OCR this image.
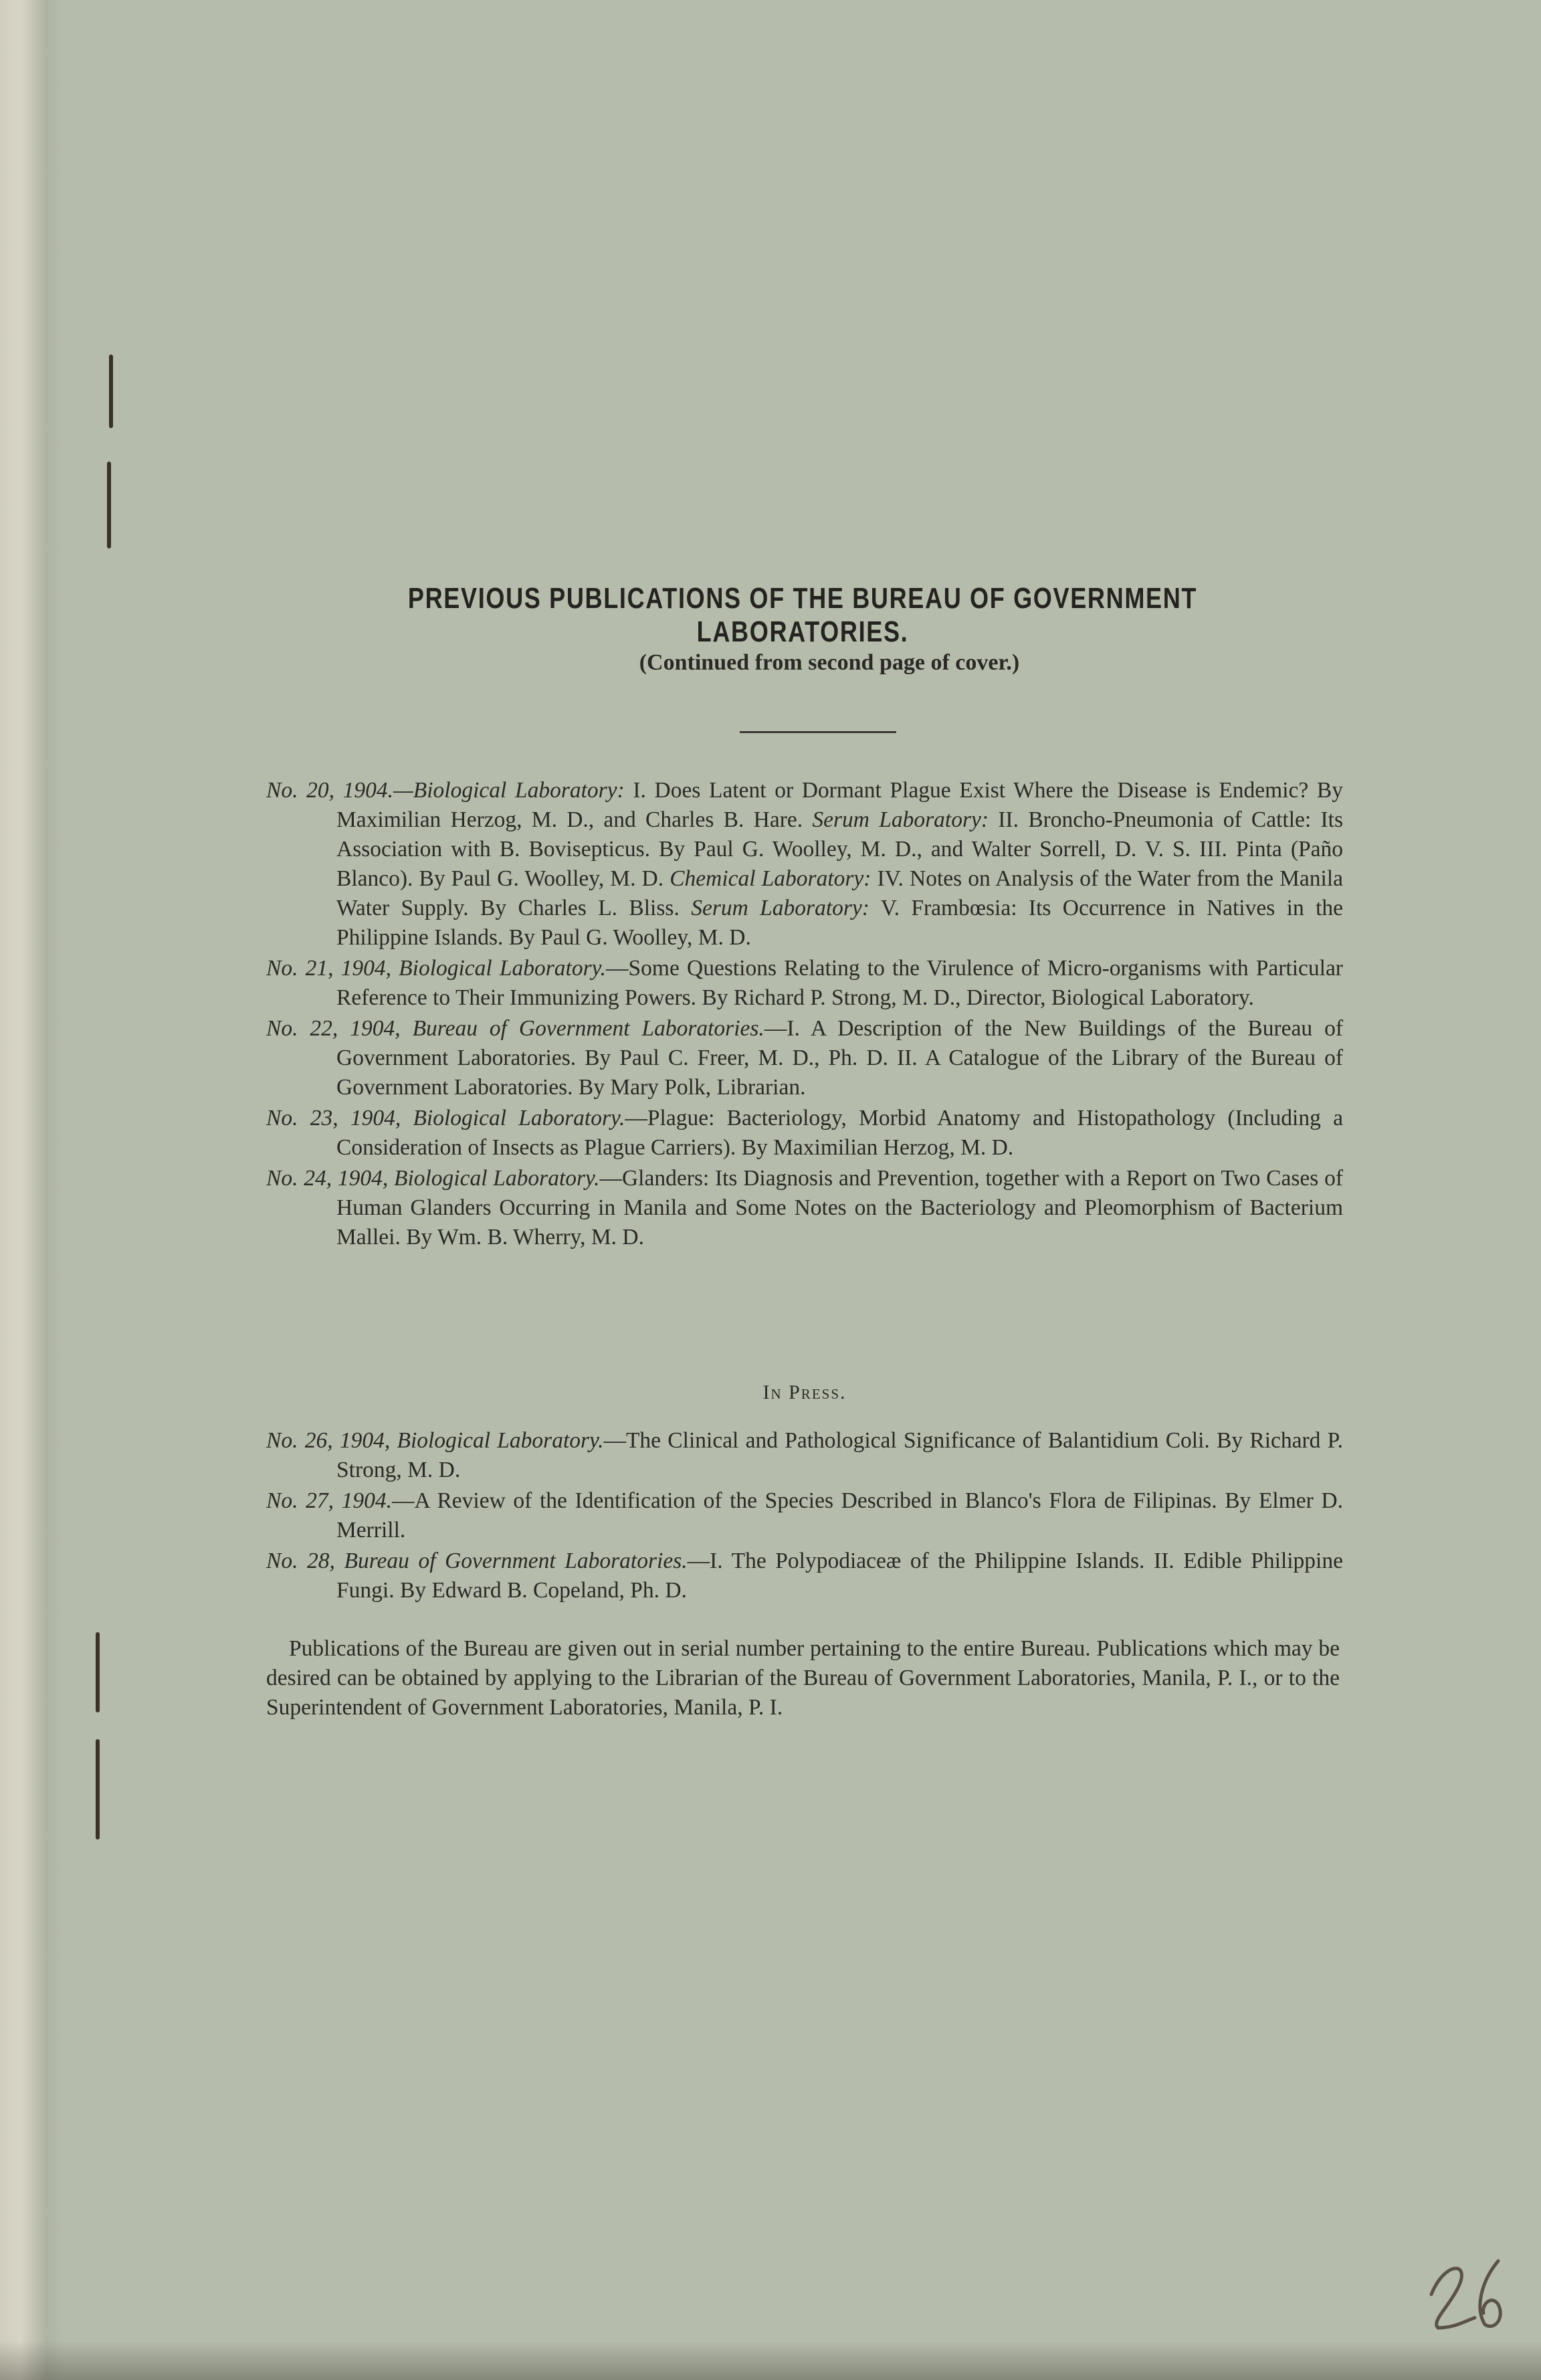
PREVIOUS PUBLICATIONS OF THE BUREAU OF GOVERNMENT LABORATORIES.
(Continued from second page of cover.)

No. 20, 1904.—Biological Laboratory: I. Does Latent or Dormant Plague Exist Where the Disease is Endemic? By Maximilian Herzog, M. D., and Charles B. Hare. Serum Laboratory: II. Broncho-Pneumonia of Cattle: Its Association with B. Bovisepticus. By Paul G. Woolley, M. D., and Walter Sorrell, D. V. S. III. Pinta (Paño Blanco). By Paul G. Woolley, M. D. Chemical Laboratory: IV. Notes on Analysis of the Water from the Manila Water Supply. By Charles L. Bliss. Serum Laboratory: V. Frambœsia: Its Occurrence in Natives in the Philippine Islands. By Paul G. Woolley, M. D.

No. 21, 1904, Biological Laboratory.—Some Questions Relating to the Virulence of Micro-organisms with Particular Reference to Their Immunizing Powers. By Richard P. Strong, M. D., Director, Biological Laboratory.

No. 22, 1904, Bureau of Government Laboratories.—I. A Description of the New Buildings of the Bureau of Government Laboratories. By Paul C. Freer, M. D., Ph. D. II. A Catalogue of the Library of the Bureau of Government Laboratories. By Mary Polk, Librarian.

No. 23, 1904, Biological Laboratory.—Plague: Bacteriology, Morbid Anatomy and Histopathology (Including a Consideration of Insects as Plague Carriers). By Maximilian Herzog, M. D.

No. 24, 1904, Biological Laboratory.—Glanders: Its Diagnosis and Prevention, together with a Report on Two Cases of Human Glanders Occurring in Manila and Some Notes on the Bacteriology and Pleomorphism of Bacterium Mallei. By Wm. B. Wherry, M. D.

In Press.

No. 26, 1904, Biological Laboratory.—The Clinical and Pathological Significance of Balantidium Coli. By Richard P. Strong, M. D.

No. 27, 1904.—A Review of the Identification of the Species Described in Blanco's Flora de Filipinas. By Elmer D. Merrill.

No. 28, Bureau of Government Laboratories.—I. The Polypodiaceæ of the Philippine Islands. II. Edible Philippine Fungi. By Edward B. Copeland, Ph. D.

Publications of the Bureau are given out in serial number pertaining to the entire Bureau. Publications which may be desired can be obtained by applying to the Librarian of the Bureau of Government Laboratories, Manila, P. I., or to the Superintendent of Government Laboratories, Manila, P. I.
